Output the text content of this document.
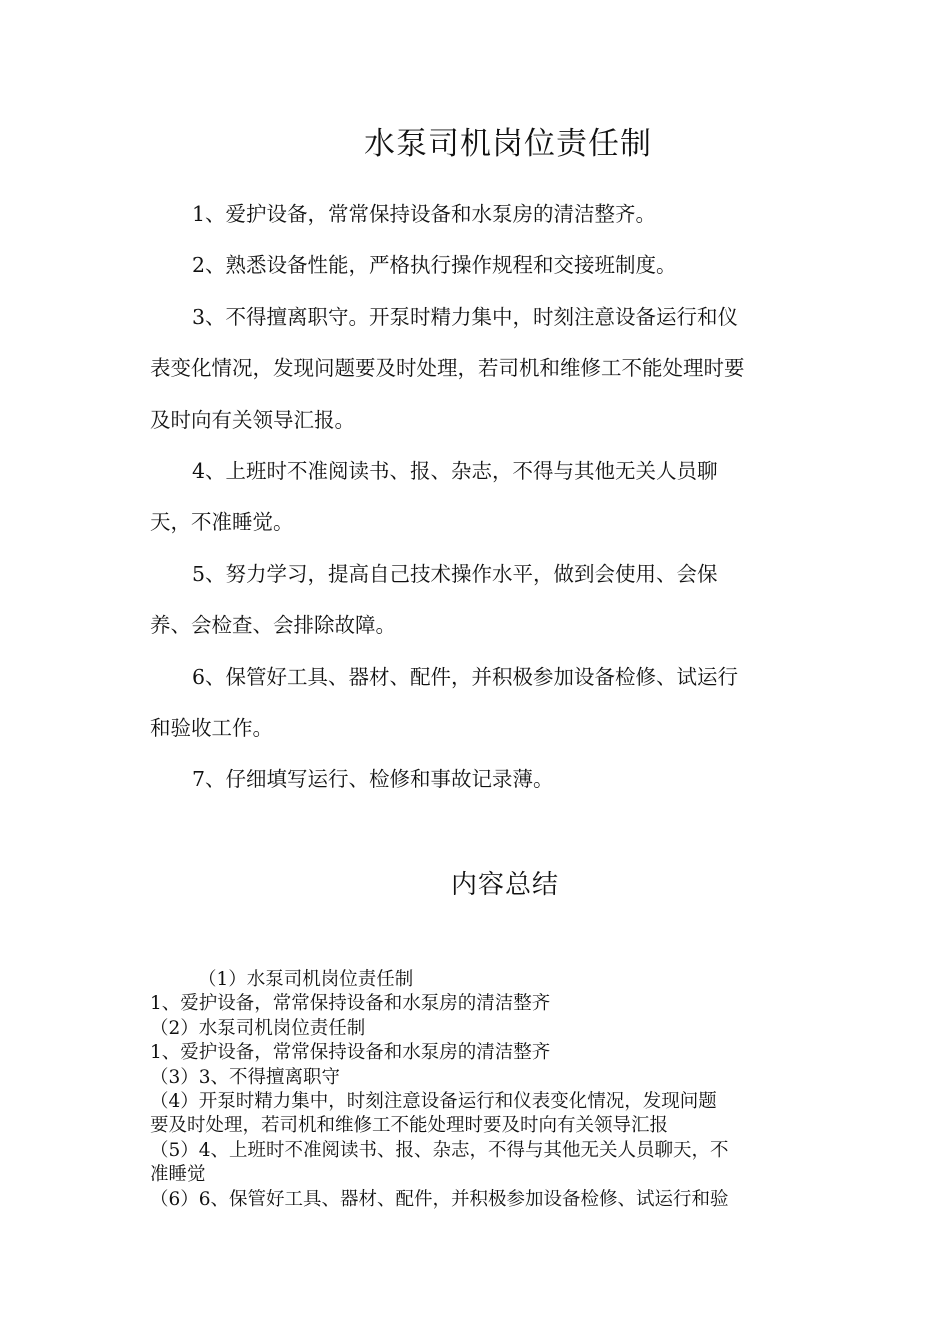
水泵司机岗位责任制

1、爱护设备，常常保持设备和水泵房的清洁整齐。

2、熟悉设备性能，严格执行操作规程和交接班制度。

3、不得擅离职守。开泵时精力集中，时刻注意设备运行和仪

表变化情况，发现问题要及时处理，若司机和维修工不能处理时要

及时向有关领导汇报。

4、上班时不准阅读书、报、杂志，不得与其他无关人员聊

天，不准睡觉。

5、努力学习，提高自己技术操作水平，做到会使用、会保

养、会检查、会排除故障。

6、保管好工具、器材、配件，并积极参加设备检修、试运行

和验收工作。

7、仔细填写运行、检修和事故记录薄。

内容总结
（1）水泵司机岗位责任制
1、爱护设备，常常保持设备和水泵房的清洁整齐
（2）水泵司机岗位责任制
1、爱护设备，常常保持设备和水泵房的清洁整齐
（3）3、不得擅离职守
（4）开泵时精力集中，时刻注意设备运行和仪表变化情况，发现问题
要及时处理，若司机和维修工不能处理时要及时向有关领导汇报
（5）4、上班时不准阅读书、报、杂志，不得与其他无关人员聊天，不
准睡觉
（6）6、保管好工具、器材、配件，并积极参加设备检修、试运行和验
